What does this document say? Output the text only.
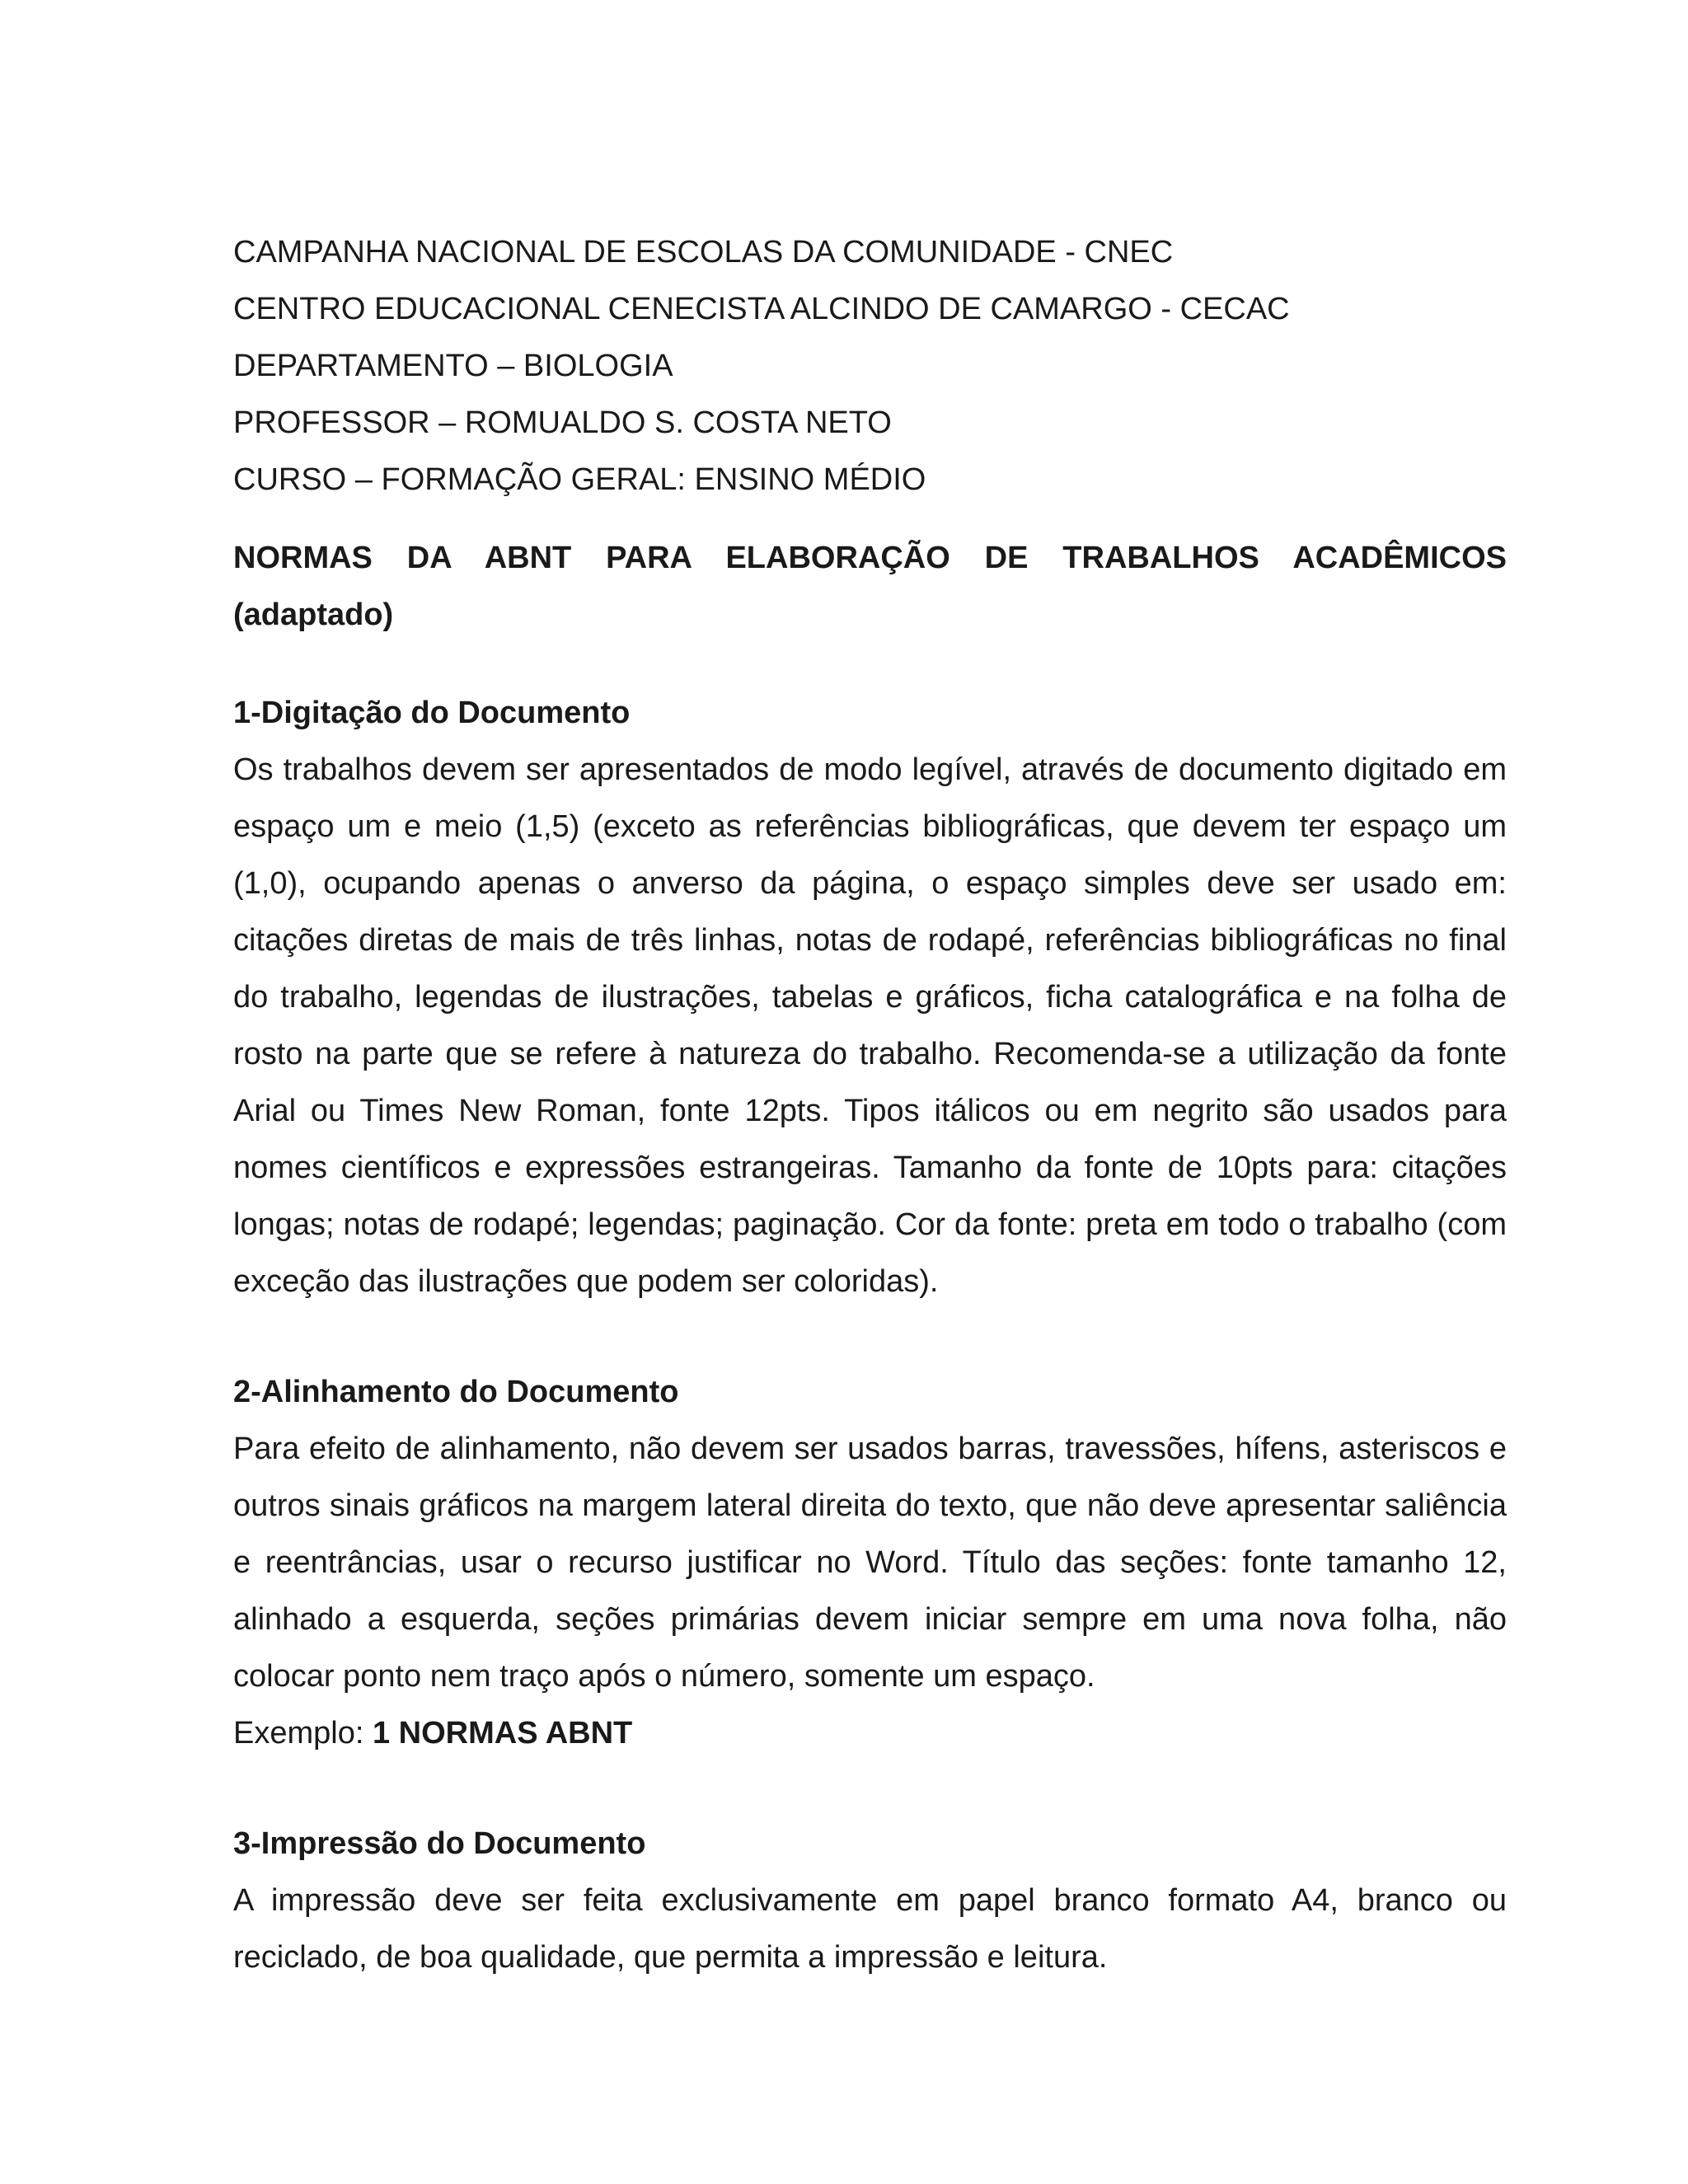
CAMPANHA NACIONAL DE ESCOLAS DA COMUNIDADE - CNEC

CENTRO EDUCACIONAL CENECISTA ALCINDO DE CAMARGO - CECAC

DEPARTAMENTO – BIOLOGIA

PROFESSOR – ROMUALDO S. COSTA NETO

CURSO – FORMAÇÃO GERAL: ENSINO MÉDIO

NORMAS DA ABNT PARA ELABORAÇÃO DE TRABALHOS ACADÊMICOS
(adaptado)
1-Digitação do Documento

Os trabalhos devem ser apresentados de modo legível, através de documento digitado em espaço um e meio (1,5) (exceto as referências bibliográficas, que devem ter espaço um (1,0), ocupando apenas o anverso da página, o espaço simples deve ser usado em: citações diretas de mais de três linhas, notas de rodapé, referências bibliográficas no final do trabalho, legendas de ilustrações, tabelas e gráficos, ficha catalográfica e na folha de rosto na parte que se refere à natureza do trabalho. Recomenda-se a utilização da fonte Arial ou Times New Roman, fonte 12pts. Tipos itálicos ou em negrito são usados para nomes científicos e expressões estrangeiras. Tamanho da fonte de 10pts para: citações longas; notas de rodapé; legendas; paginação. Cor da fonte: preta em todo o trabalho (com exceção das ilustrações que podem ser coloridas).

2-Alinhamento do Documento

Para efeito de alinhamento, não devem ser usados barras, travessões, hífens, asteriscos e outros sinais gráficos na margem lateral direita do texto, que não deve apresentar saliência e reentrâncias, usar o recurso justificar no Word. Título das seções: fonte tamanho 12, alinhado a esquerda, seções primárias devem iniciar sempre em uma nova folha, não colocar ponto nem traço após o número, somente um espaço.

Exemplo: 1 NORMAS ABNT

3-Impressão do Documento

A impressão deve ser feita exclusivamente em papel branco formato A4, branco ou reciclado, de boa qualidade, que permita a impressão e leitura.
